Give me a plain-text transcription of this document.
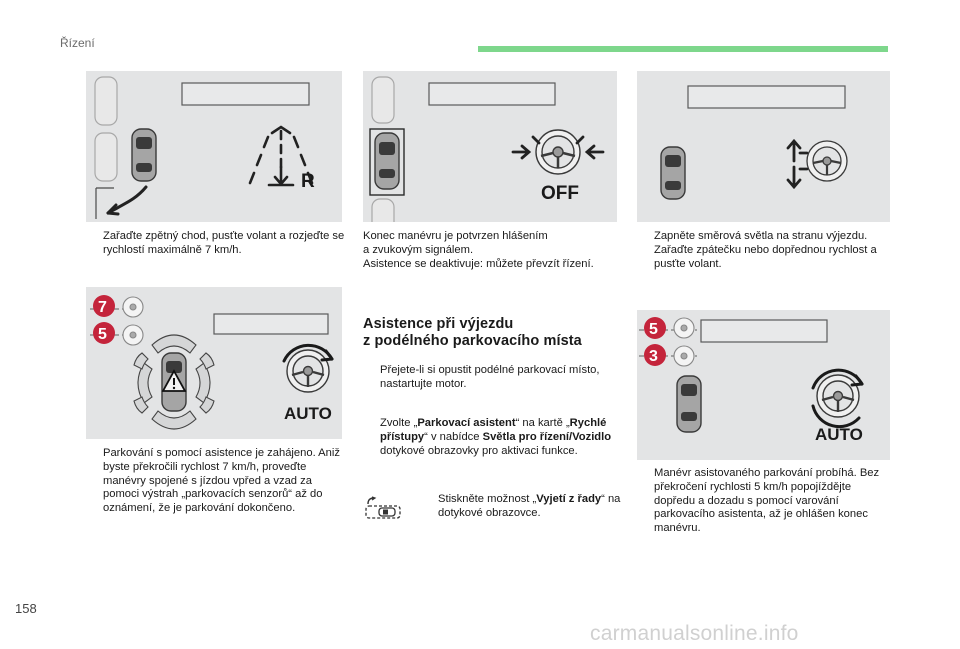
Řízení
R
OFF
7
5
AUTO
5
3
AUTO
Zařaďte zpětný chod, pusťte volant a rozjeďte se rychlostí maximálně 7 km/h.
Parkování s pomocí asistence je zahájeno. Aniž byste překročili rychlost 7 km/h, proveďte manévry spojené s jízdou vpřed a vzad za pomoci výstrah „parkovacích senzorů“ až do oznámení, že je parkování dokončeno.
Konec manévru je potvrzen hlášením
a zvukovým signálem.
Asistence se deaktivuje: můžete převzít řízení.
Asistence při výjezdu
z podélného parkovacího místa
Přejete-li si opustit podélné parkovací místo, nastartujte motor.
Zvolte „Parkovací asistent“ na kartě „Rychlé přístupy“ v nabídce Světla pro řízení/Vozidlo dotykové obrazovky pro aktivaci funkce.
Stiskněte možnost „Vyjetí z řady“ na dotykové obrazovce.
Zapněte směrová světla na stranu výjezdu.
Zařaďte zpátečku nebo dopřednou rychlost a pusťte volant.
Manévr asistovaného parkování probíhá. Bez překročení rychlosti 5 km/h popojíždějte dopředu a dozadu s pomocí varování parkovacího asistenta, až je ohlášen konec manévru.
158
carmanualsonline.info
